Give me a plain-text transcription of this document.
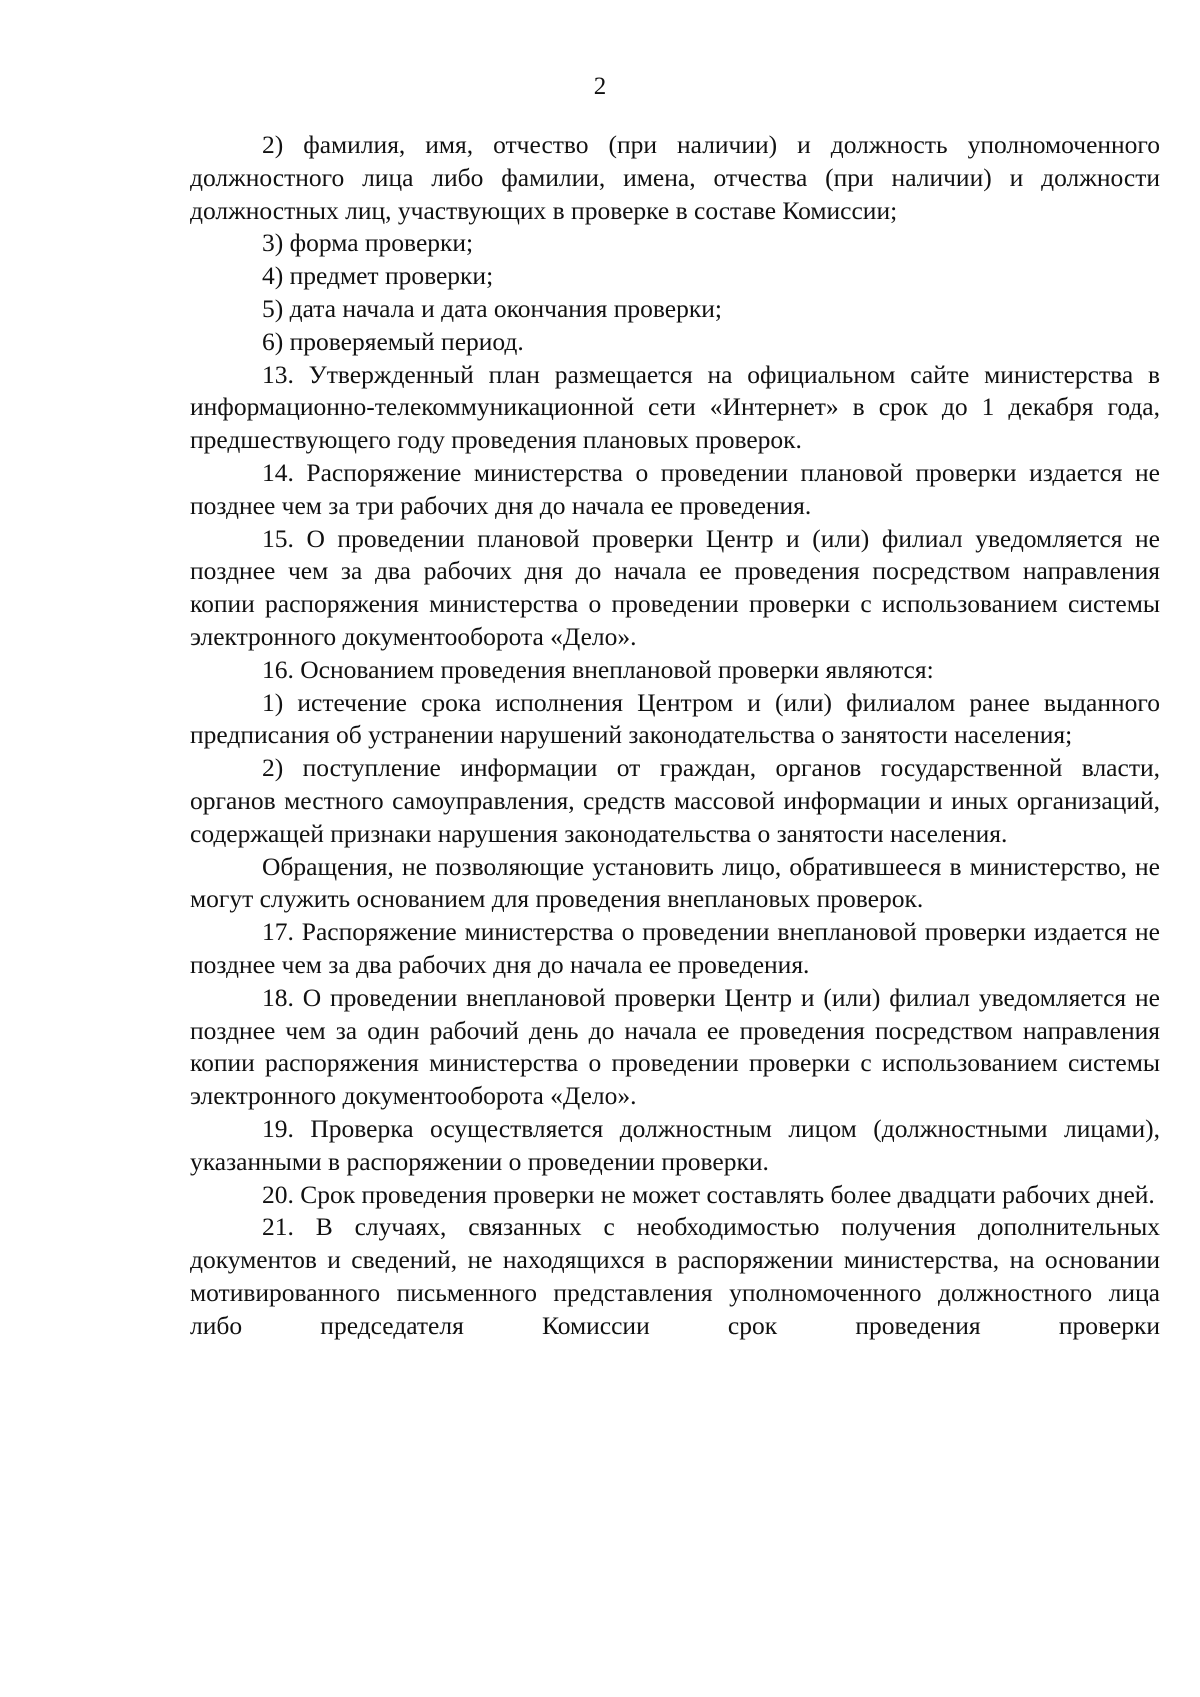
2

2) фамилия, имя, отчество (при наличии) и должность уполномоченного должностного лица либо фамилии, имена, отчества (при наличии) и должности должностных лиц, участвующих в проверке в составе Комиссии;

3) форма проверки;

4) предмет проверки;

5) дата начала и дата окончания проверки;

6) проверяемый период.

13. Утвержденный план размещается на официальном сайте министерства в информационно-телекоммуникационной сети «Интернет» в срок до 1 декабря года, предшествующего году проведения плановых проверок.

14. Распоряжение министерства о проведении плановой проверки издается не позднее чем за три рабочих дня до начала ее проведения.

15. О проведении плановой проверки Центр и (или) филиал уведомляется не позднее чем за два рабочих дня до начала ее проведения посредством направления копии распоряжения министерства о проведении проверки с использованием системы электронного документооборота «Дело».

16. Основанием проведения внеплановой проверки являются:

1) истечение срока исполнения Центром и (или) филиалом ранее выданного предписания об устранении нарушений законодательства о занятости населения;

2) поступление информации от граждан, органов государственной власти, органов местного самоуправления, средств массовой информации и иных организаций, содержащей признаки нарушения законодательства о занятости населения.

Обращения, не позволяющие установить лицо, обратившееся в министерство, не могут служить основанием для проведения внеплановых проверок.

17. Распоряжение министерства о проведении внеплановой проверки издается не позднее чем за два рабочих дня до начала ее проведения.

18. О проведении внеплановой проверки Центр и (или) филиал уведомляется не позднее чем за один рабочий день до начала ее проведения посредством направления копии распоряжения министерства о проведении проверки с использованием системы электронного документооборота «Дело».

19. Проверка осуществляется должностным лицом (должностными лицами), указанными в распоряжении о проведении проверки.

20. Срок проведения проверки не может составлять более двадцати рабочих дней.

21. В случаях, связанных с необходимостью получения дополнительных документов и сведений, не находящихся в распоряжении министерства, на основании мотивированного письменного представления уполномоченного должностного лица либо председателя Комиссии срок проведения проверки
